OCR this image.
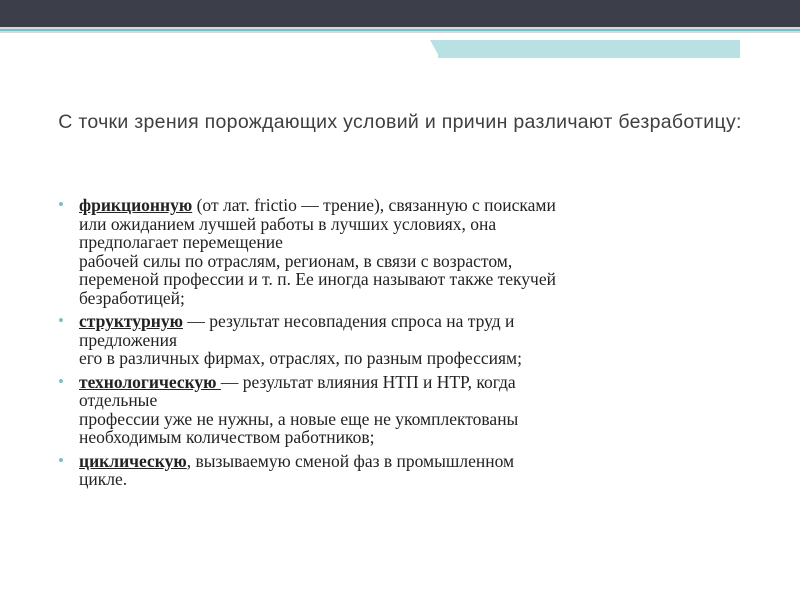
С точки зрения порождающих условий и причин различают безработицу:
• фрикционную (от лат. frictio — трение), связанную с поисками
или ожиданием лучшей работы в лучших условиях, она
предполагает перемещение
рабочей силы по отраслям, регионам, в связи с возрастом,
переменой профессии и т. п. Ее иногда называют также текучей
безработицей;
• структурную — результат несовпадения спроса на труд и
предложения
его в различных фирмах, отраслях, по разным профессиям;
• технологическую — результат влияния НТП и НТР, когда
отдельные
профессии уже не нужны, а новые еще не укомплектованы
необходимым количеством работников;
• циклическую, вызываемую сменой фаз в промышленном
цикле.
